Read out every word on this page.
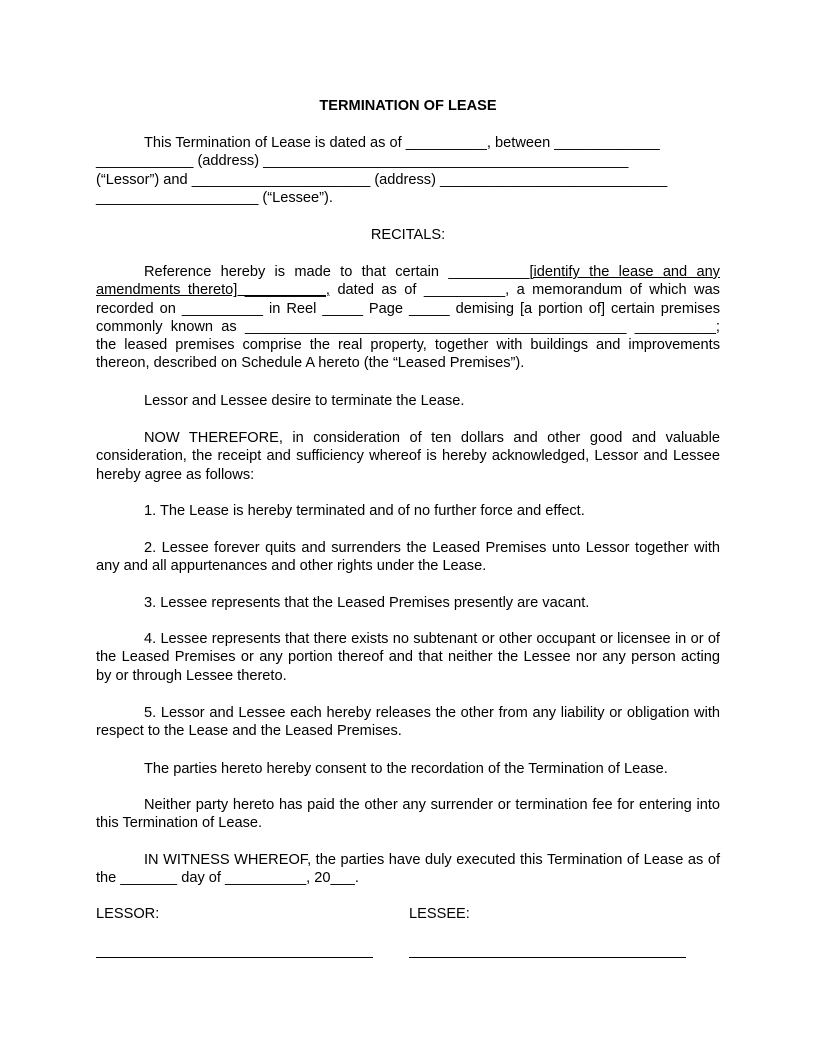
TERMINATION OF LEASE
This Termination of Lease is dated as of __________, between _____________
____________ (address) _____________________________________________
(“Lessor”) and ______________________ (address) ____________________________
____________________ (“Lessee”).
RECITALS:

Reference hereby is made to that certain __________[identify the lease and any amendments thereto] __________, dated as of __________, a memorandum of which was recorded on __________ in Reel _____ Page _____ demising [a portion of] certain premises commonly known as _______________________________________________ __________; the leased premises comprise the real property, together with buildings and improvements thereon, described on Schedule A hereto (the “Leased Premises”).

Lessor and Lessee desire to terminate the Lease.

NOW THEREFORE, in consideration of ten dollars and other good and valuable consideration, the receipt and sufficiency whereof is hereby acknowledged, Lessor and Lessee hereby agree as follows:

1. The Lease is hereby terminated and of no further force and effect.

2. Lessee forever quits and surrenders the Leased Premises unto Lessor together with any and all appurtenances and other rights under the Lease.

3. Lessee represents that the Leased Premises presently are vacant.

4. Lessee represents that there exists no subtenant or other occupant or licensee in or of the Leased Premises or any portion thereof and that neither the Lessee nor any person acting by or through Lessee thereto.

5. Lessor and Lessee each hereby releases the other from any liability or obligation with respect to the Lease and the Leased Premises.

The parties hereto hereby consent to the recordation of the Termination of Lease.

Neither party hereto has paid the other any surrender or termination fee for entering into this Termination of Lease.

IN WITNESS WHEREOF, the parties have duly executed this Termination of Lease as of the _______ day of __________, 20___.

LESSOR:	LESSEE:
